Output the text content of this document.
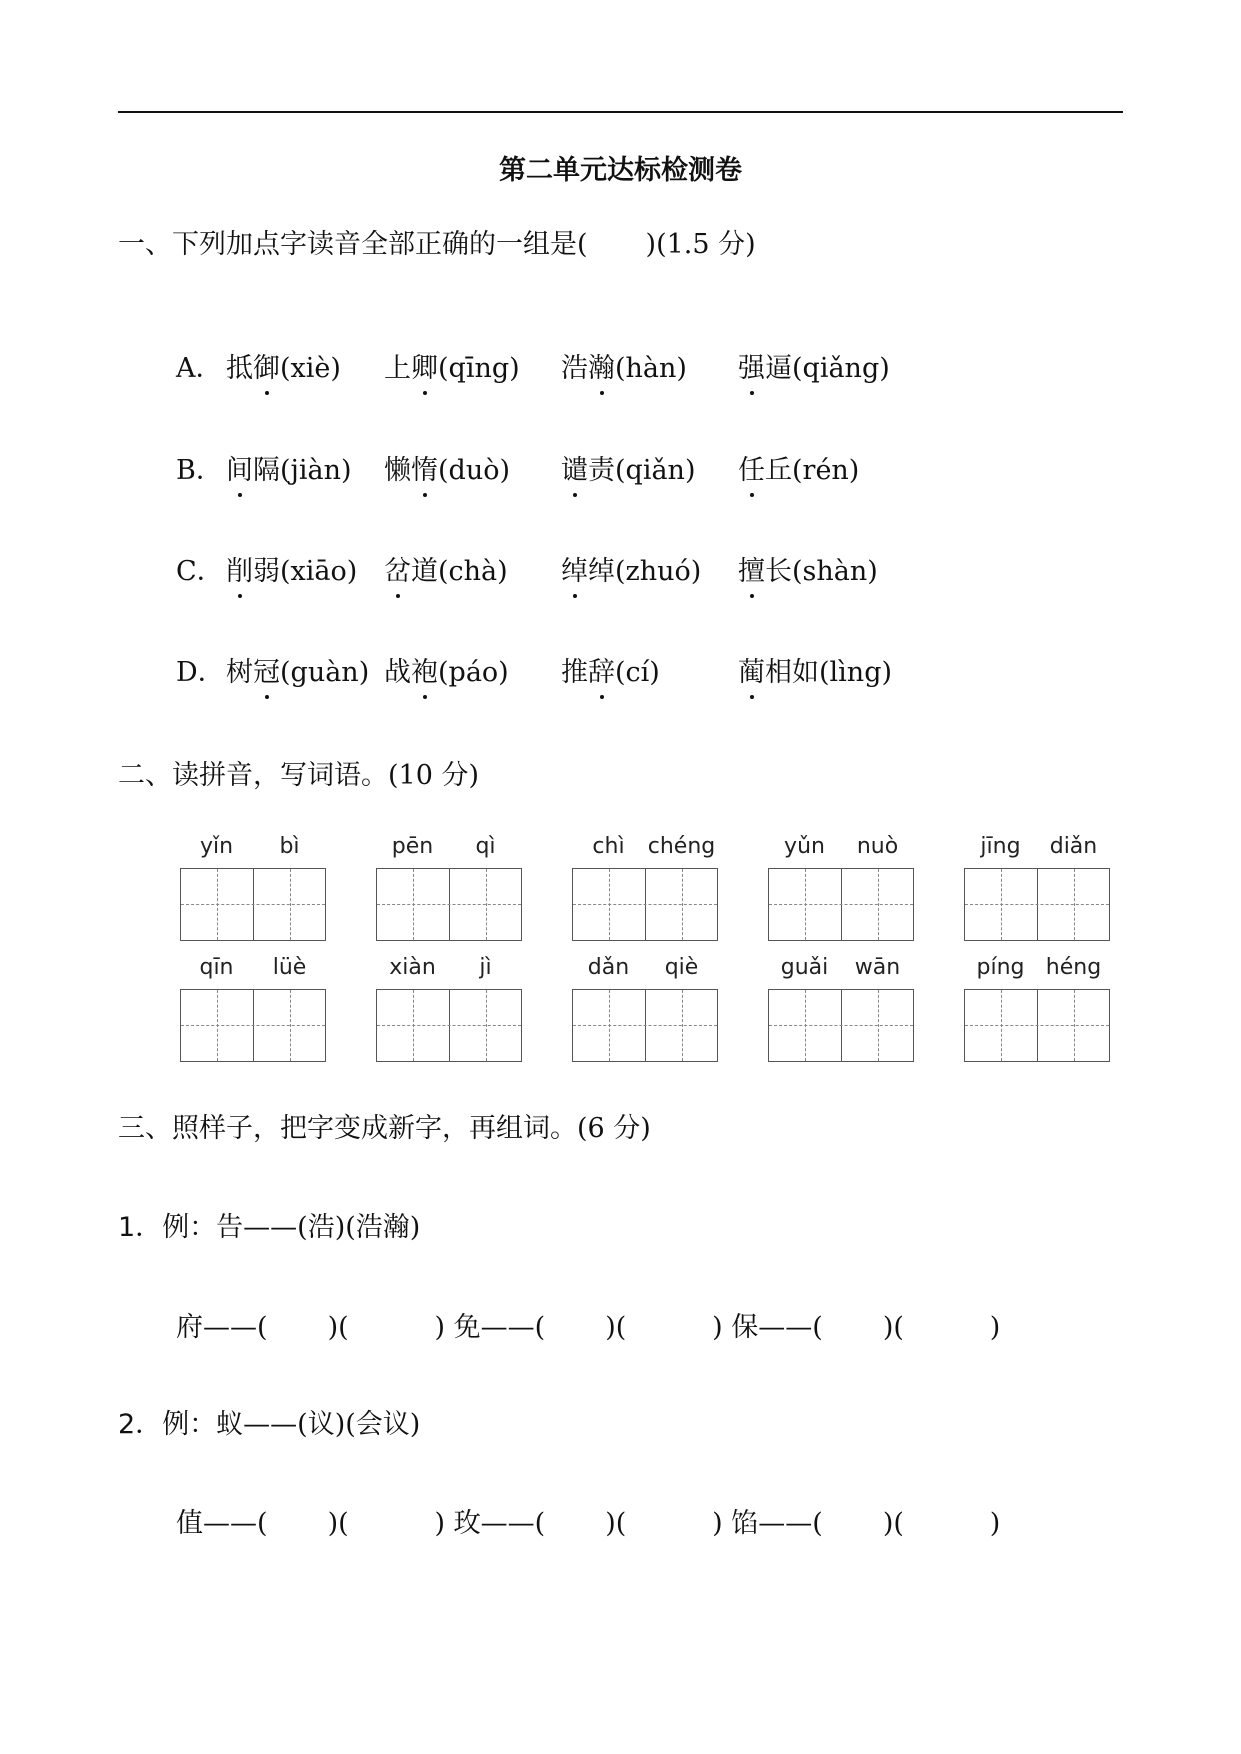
第二单元达标检测卷
一、下列加点字读音全部正确的一组是( )(1.5 分)
A． 抵御(xiè) 上卿(qīng) 浩瀚(hàn) 强逼(qiǎng)
B． 间隔(jiàn) 懒惰(duò) 谴责(qiǎn) 任丘(rén)
C． 削弱(xiāo) 岔道(chà) 绰绰(zhuó) 擅长(shàn)
D． 树冠(guàn) 战袍(páo) 推辞(cí)	蔺相如(lìng)
二、读拼音，写词语。(10 分)
yǐn	bì	pēn	qì	chì	chéng	yǔn	nuò	jīng	diǎn
qīn	lüè	xiàn	jì	dǎn	qiè	guǎi	wān	píng héng
三、照样子，把字变成新字，再组词。(6 分)
1．例：告——(浩)(浩瀚)
府——(       )(          ) 免——(       )(          ) 保——(       )(          )
2．例：蚁——(议)(会议)
值——(       )(          ) 玫——(       )(          ) 馅——(       )(          )
